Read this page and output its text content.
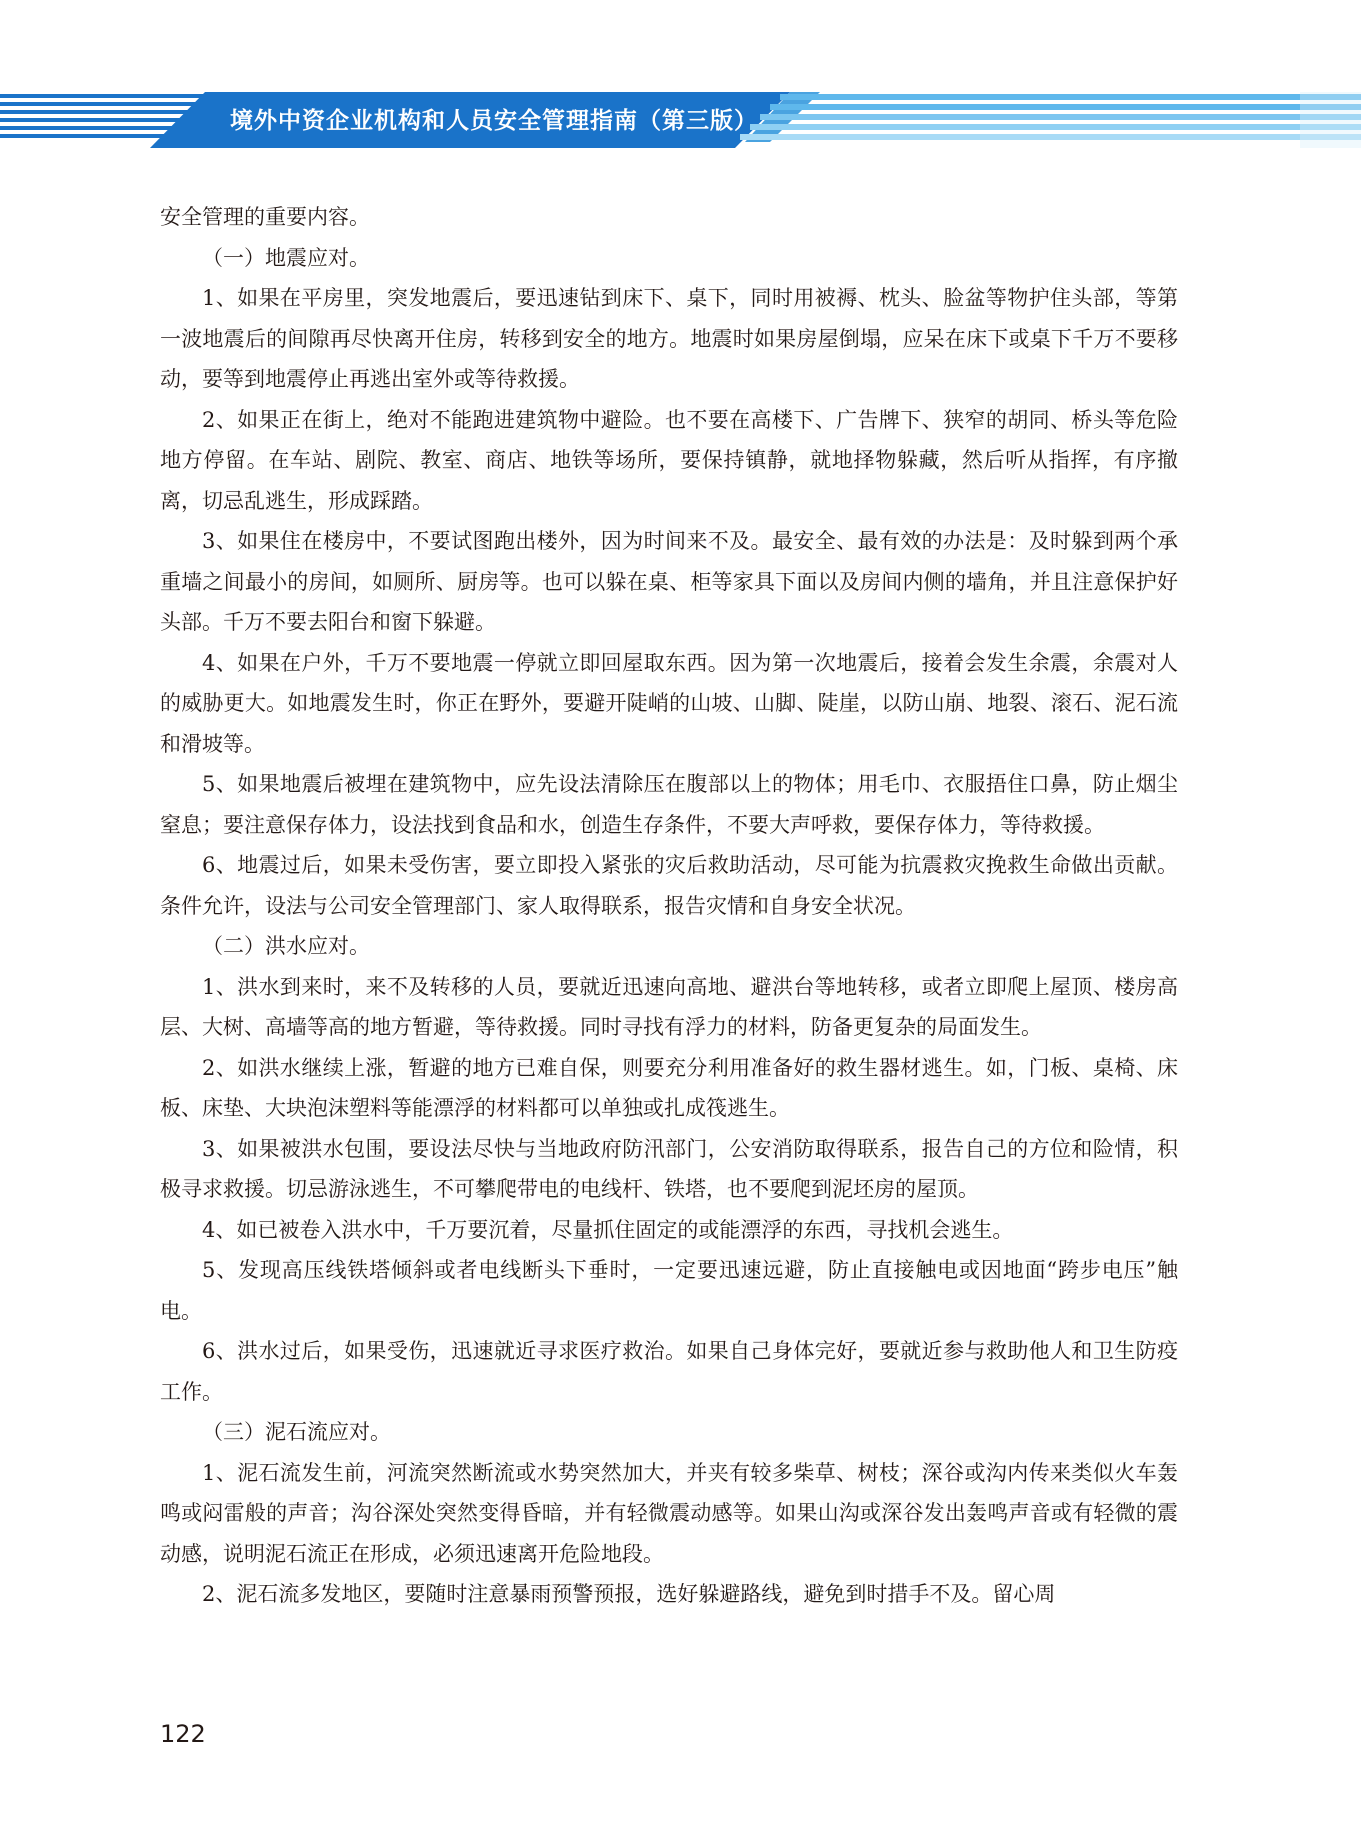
境外中资企业机构和人员安全管理指南（第三版）

安全管理的重要内容。

（一）地震应对。

1、如果在平房里，突发地震后，要迅速钻到床下、桌下，同时用被褥、枕头、脸盆等物护住头部，等第一波地震后的间隙再尽快离开住房，转移到安全的地方。地震时如果房屋倒塌，应呆在床下或桌下千万不要移动，要等到地震停止再逃出室外或等待救援。

2、如果正在街上，绝对不能跑进建筑物中避险。也不要在高楼下、广告牌下、狭窄的胡同、桥头等危险地方停留。在车站、剧院、教室、商店、地铁等场所，要保持镇静，就地择物躲藏，然后听从指挥，有序撤离，切忌乱逃生，形成踩踏。

3、如果住在楼房中，不要试图跑出楼外，因为时间来不及。最安全、最有效的办法是：及时躲到两个承重墙之间最小的房间，如厕所、厨房等。也可以躲在桌、柜等家具下面以及房间内侧的墙角，并且注意保护好头部。千万不要去阳台和窗下躲避。

4、如果在户外，千万不要地震一停就立即回屋取东西。因为第一次地震后，接着会发生余震，余震对人的威胁更大。如地震发生时，你正在野外，要避开陡峭的山坡、山脚、陡崖，以防山崩、地裂、滚石、泥石流和滑坡等。

5、如果地震后被埋在建筑物中，应先设法清除压在腹部以上的物体；用毛巾、衣服捂住口鼻，防止烟尘窒息；要注意保存体力，设法找到食品和水，创造生存条件，不要大声呼救，要保存体力，等待救援。

6、地震过后，如果未受伤害，要立即投入紧张的灾后救助活动，尽可能为抗震救灾挽救生命做出贡献。条件允许，设法与公司安全管理部门、家人取得联系，报告灾情和自身安全状况。

（二）洪水应对。

1、洪水到来时，来不及转移的人员，要就近迅速向高地、避洪台等地转移，或者立即爬上屋顶、楼房高层、大树、高墙等高的地方暂避，等待救援。同时寻找有浮力的材料，防备更复杂的局面发生。

2、如洪水继续上涨，暂避的地方已难自保，则要充分利用准备好的救生器材逃生。如，门板、桌椅、床板、床垫、大块泡沫塑料等能漂浮的材料都可以单独或扎成筏逃生。

3、如果被洪水包围，要设法尽快与当地政府防汛部门，公安消防取得联系，报告自己的方位和险情，积极寻求救援。切忌游泳逃生，不可攀爬带电的电线杆、铁塔，也不要爬到泥坯房的屋顶。

4、如已被卷入洪水中，千万要沉着，尽量抓住固定的或能漂浮的东西，寻找机会逃生。

5、发现高压线铁塔倾斜或者电线断头下垂时，一定要迅速远避，防止直接触电或因地面“跨步电压”触电。

6、洪水过后，如果受伤，迅速就近寻求医疗救治。如果自己身体完好，要就近参与救助他人和卫生防疫工作。

（三）泥石流应对。

1、泥石流发生前，河流突然断流或水势突然加大，并夹有较多柴草、树枝；深谷或沟内传来类似火车轰鸣或闷雷般的声音；沟谷深处突然变得昏暗，并有轻微震动感等。如果山沟或深谷发出轰鸣声音或有轻微的震动感，说明泥石流正在形成，必须迅速离开危险地段。

2、泥石流多发地区，要随时注意暴雨预警预报，选好躲避路线，避免到时措手不及。留心周

122
